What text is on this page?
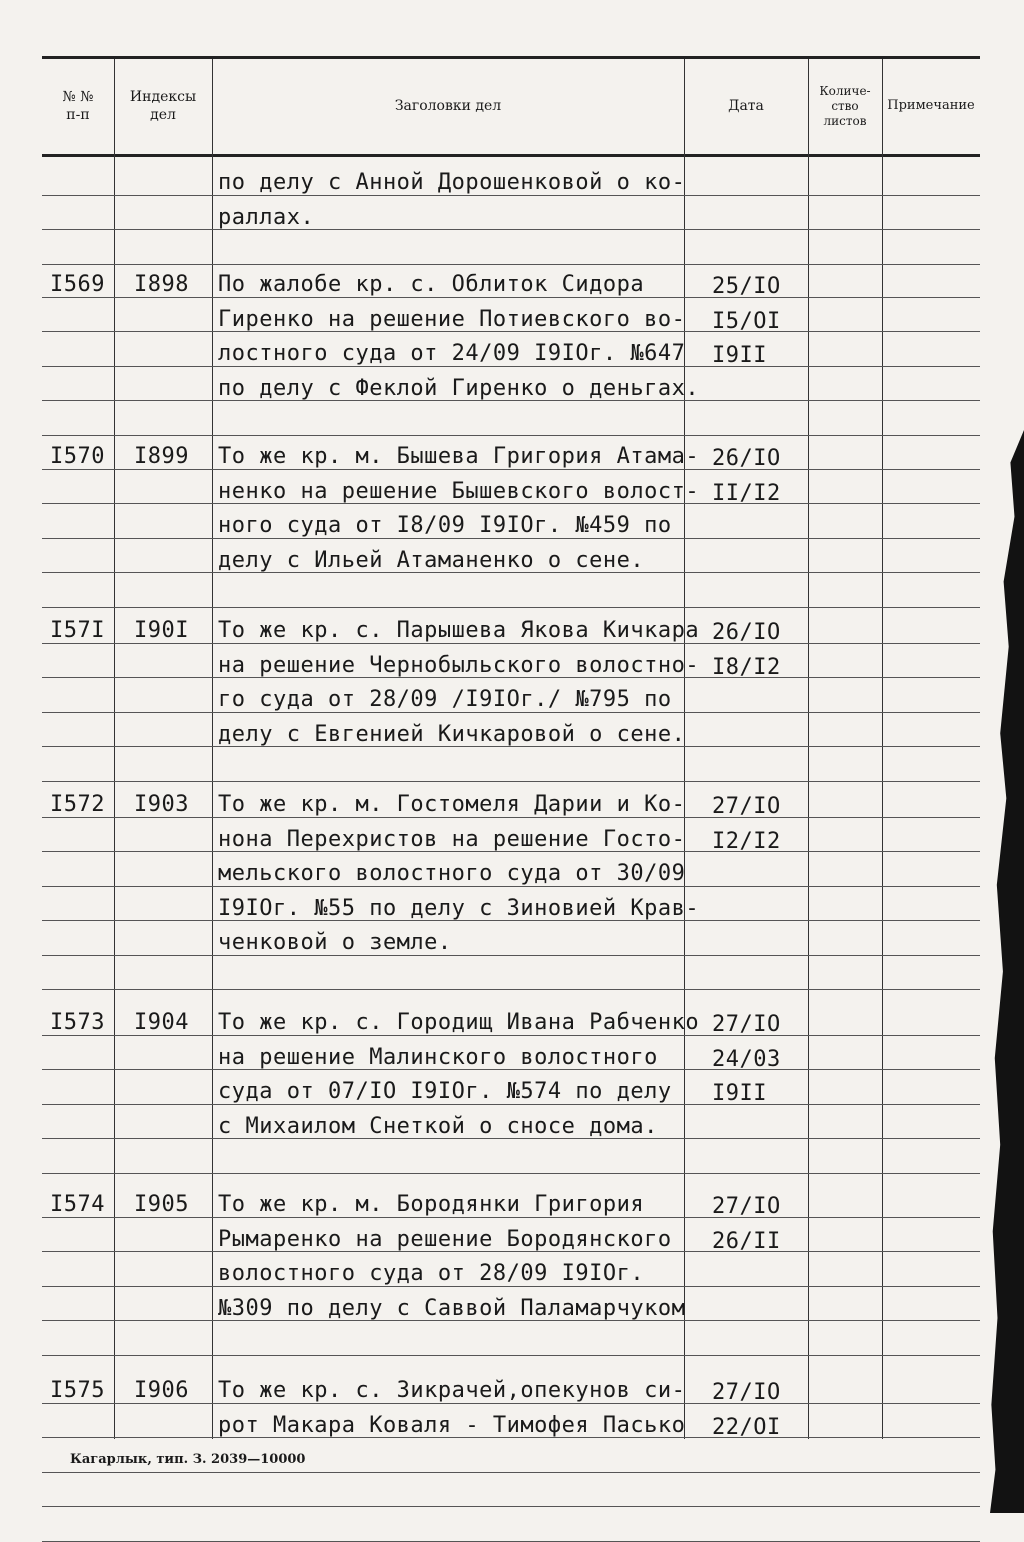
№ №
п-п
Индексы
дел
Заголовки дел	Дата
Количе-
ство
листов
Примечание
по делу с Анной Дорошенковой о ко-
раллах.
I569 I898 По жалобе кр. с. Облиток Сидора
Гиренко на решение Потиевского во-
лостного суда от 24/09 I9IOг. №647
по делу с Феклой Гиренко о деньгах.
25/IO
I5/OI
I9II
I570 I899 То же кр. м. Бышева Григория Атама-
ненко на решение Бышевского волост-
ного суда от I8/09 I9IOг. №459 по
делу с Ильей Атаманенко о сене.
26/IO
II/I2
I57I I90I То же кр. с. Парышева Якова Кичкара
на решение Чернобыльского волостно-
го суда от 28/09 /I9IOг./ №795 по
делу с Евгенией Кичкаровой о сене.
26/IO
I8/I2
I572 I903 То же кр. м. Гостомеля Дарии и Ко-
нона Перехристов на решение Госто-
мельского волостного суда от 30/09
I9IOг. №55 по делу с Зиновией Крав-
ченковой о земле.
27/IO
I2/I2
I573 I904 То же кр. с. Городищ Ивана Рабченко
на решение Малинского волостного
суда от 07/IO I9IOг. №574 по делу
с Михаилом Снеткой о сносе дома.
27/IO
24/03
I9II
I574 I905 То же кр. м. Бородянки Григория
Рымаренко на решение Бородянского
волостного суда от 28/09 I9IOг.
№309 по делу с Саввой Паламарчуком
27/IO
26/II
I575 I906 То же кр. с. Зикрачей,опекунов си-
рот Макара Коваля - Тимофея Пасько
27/IO
22/OI
Кагарлык, тип. З. 2039—10000
